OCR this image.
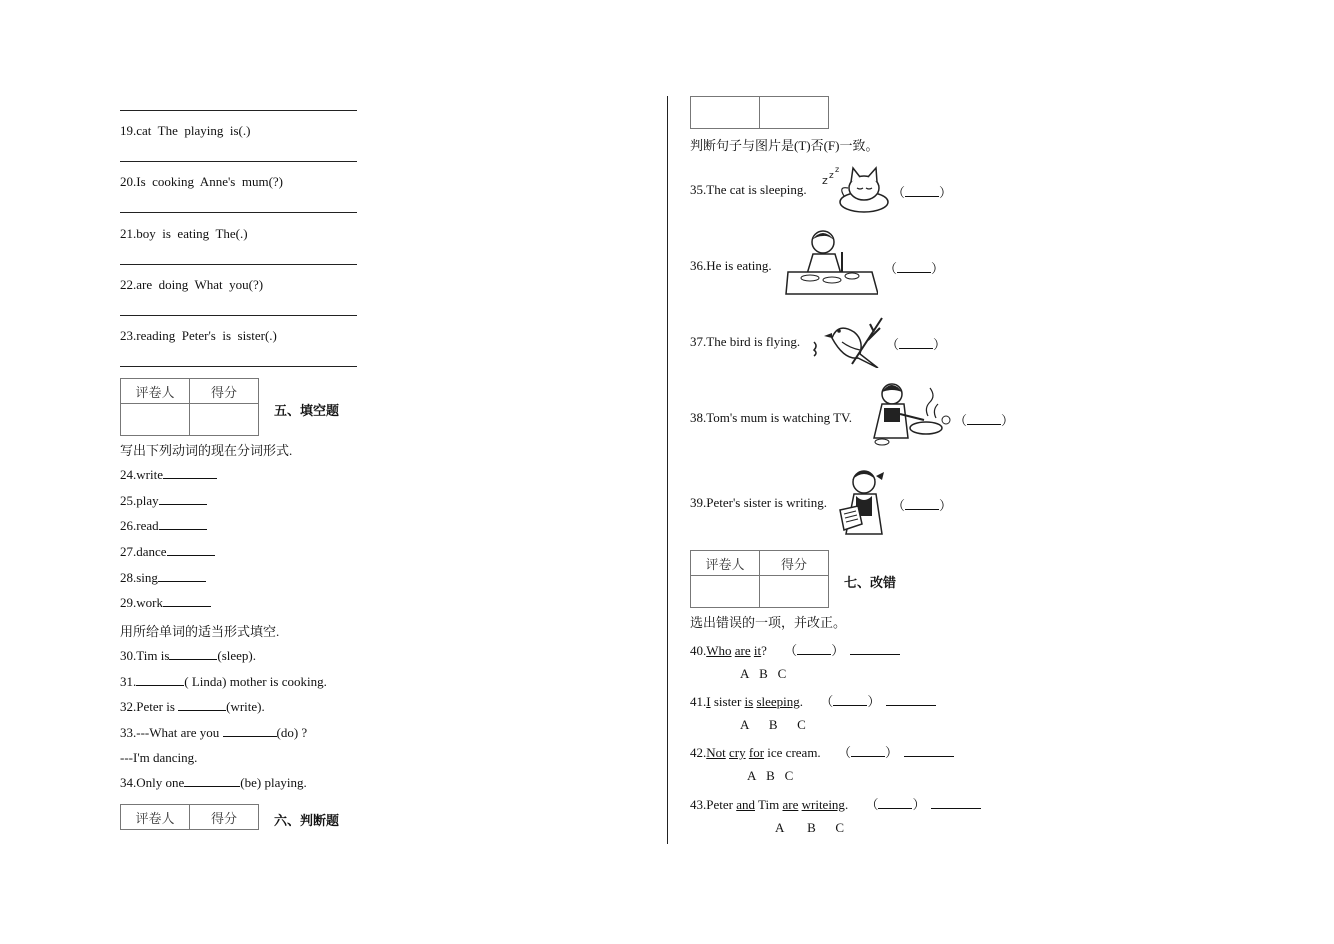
19.cat  The  playing  is(.)
20.Is  cooking  Anne's  mum(?)
21.boy  is  eating  The(.)
22.are  doing  What  you(?)
23.reading  Peter's  is  sister(.)
评卷人	得分

五、填空题
写出下列动词的现在分词形式.
24.write
25.play
26.read
27.dance
28.sing
29.work
用所给单词的适当形式填空.
30.Tim is	(sleep).
31.	( Linda) mother is cooking.
32.Peter is	(write).
33.---What are you	(do) ?
---I'm dancing.
34.Only one	(be) playing.
评卷人	得分	六、判断题

判断句子与图片是(T)否(F)一致。
35.The cat is sleeping.
z z
z
（	）
36.He is eating.	（	）
37.The bird is flying.	（	）
38.Tom's mum is watching TV.	（	）
39.Peter's sister is writing.	（	）
评卷人	得分

七、改错
选出错误的一项，并改正。
40.Who are it? （	）
A B C
41.I sister is sleeping. （	）
A B C
42.Not cry for ice cream. （	）
A B C
43.Peter and Tim are writeing. （	）
A B C
